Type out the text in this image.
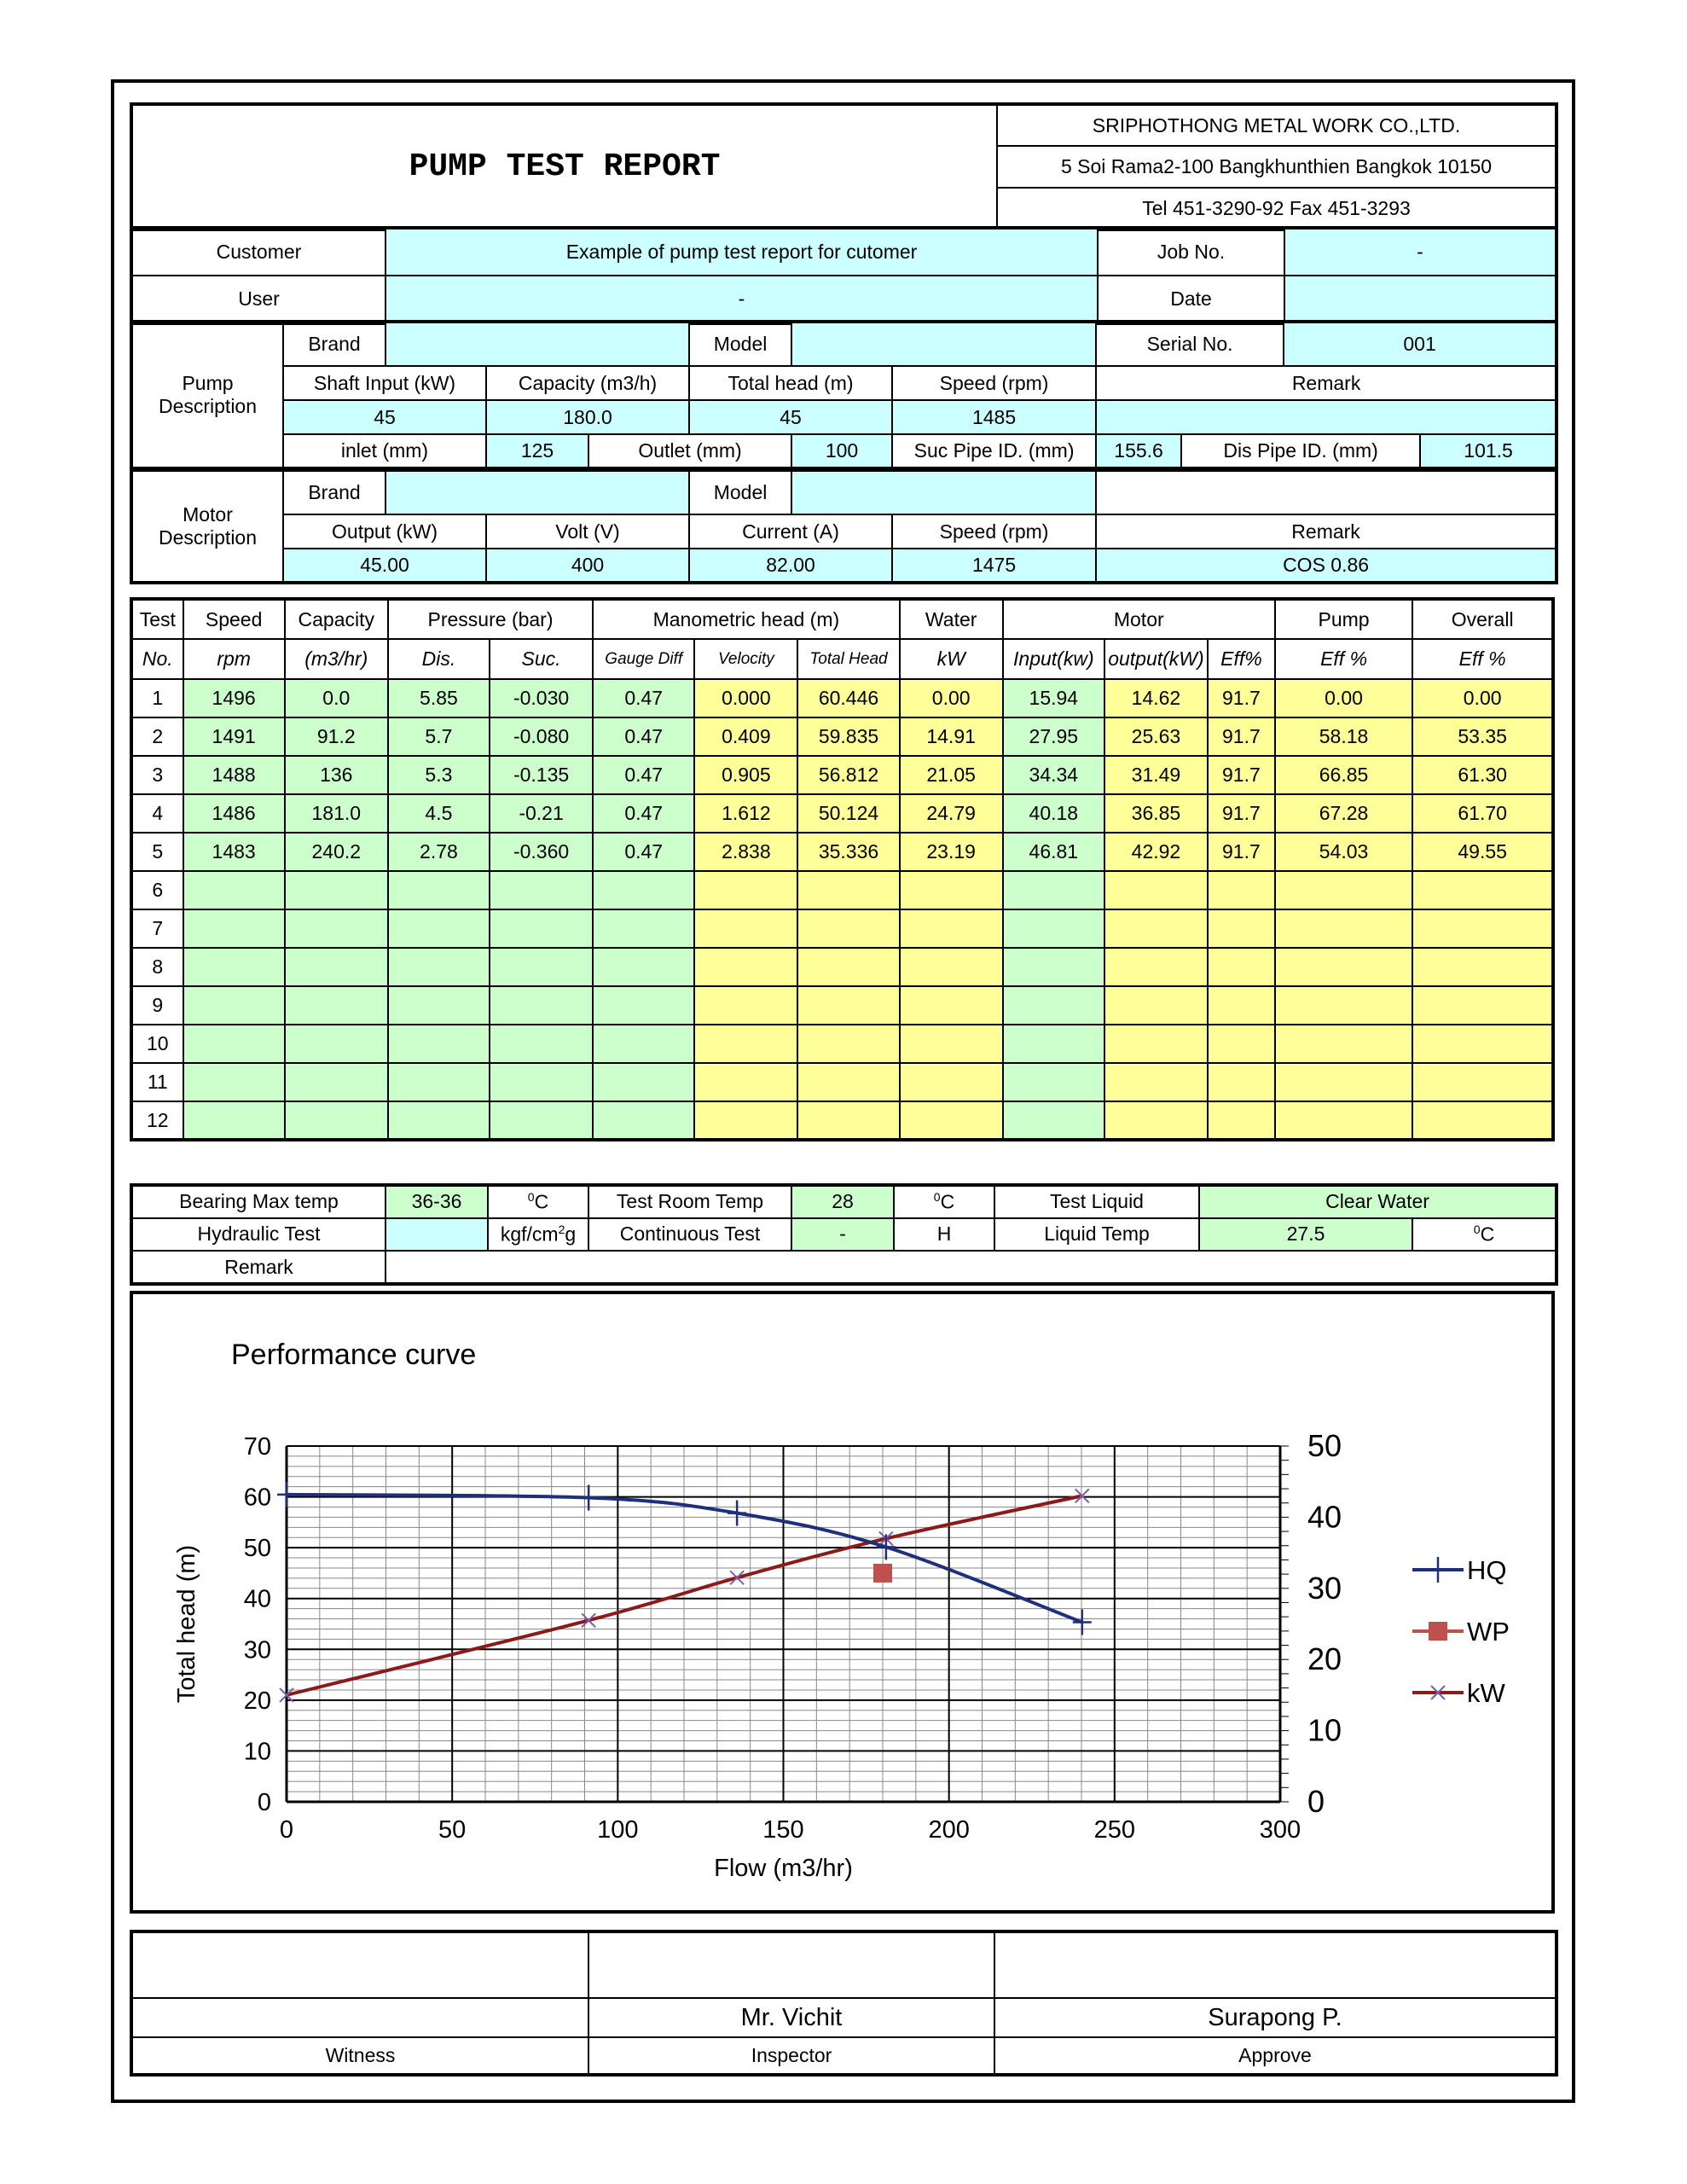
PUMP TEST REPORT	SRIPHOTHONG METAL WORK CO.,LTD.
5 Soi Rama2-100 Bangkhunthien Bangkok 10150
Tel 451-3290-92 Fax 451-3293
Customer	Example of pump test report for cutomer	Job No.	-
User	-	Date	
Pump
Description	Brand				Model			Serial No.		001	
	Shaft Input (kW)		Capacity (m3/h)		Total head (m)		Speed (rpm)	Remark			
	45		180.0		45		1485				
	inlet (mm)		125	Outlet (mm)		100	Suc Pipe ID. (mm)	155.6	Dis Pipe ID. (mm)		101.5
Motor
Description	Brand			Model			
	Output (kW)		Volt (V)	Current (A)		Speed (rpm)	Remark
	45.00		400	82.00		1475	COS 0.86
Test	Speed	Capacity	Pressure (bar)		Manometric head (m)			Water	Motor			Pump	Overall
No.	rpm	(m3/hr)	Dis.	Suc.	Gauge Diff	Velocity	Total Head	kW	Input(kw)	output(kW)	Eff%	Eff %	Eff %
1	1496	0.0	5.85	-0.030	0.47	0.000	60.446	0.00	15.94	14.62	91.7	0.00	0.00
2	1491	91.2	5.7	-0.080	0.47	0.409	59.835	14.91	27.95	25.63	91.7	58.18	53.35
3	1488	136	5.3	-0.135	0.47	0.905	56.812	21.05	34.34	31.49	91.7	66.85	61.30
4	1486	181.0	4.5	-0.21	0.47	1.612	50.124	24.79	40.18	36.85	91.7	67.28	61.70
5	1483	240.2	2.78	-0.360	0.47	2.838	35.336	23.19	46.81	42.92	91.7	54.03	49.55
6													
7													
8													
9													
10													
11													
12													
Bearing Max temp	36-36	$^0$C	Test Room Temp	28	$^0$C	Test Liquid	Clear Water	
Hydraulic Test		kgf/$cm^2g$	Continuous Test	-	H	Liquid Temp	27.5	$^0$C
Remark								
Performance curve
0	50	100	150	200	250	300
0
10
20
30
40
50
60
70
0
10
20
30
40
50
Flow (m3/hr)
Total head (m)	HQ
WP
kW

	Mr. Vichit	Surapong P.
Witness	Inspector	Approve
